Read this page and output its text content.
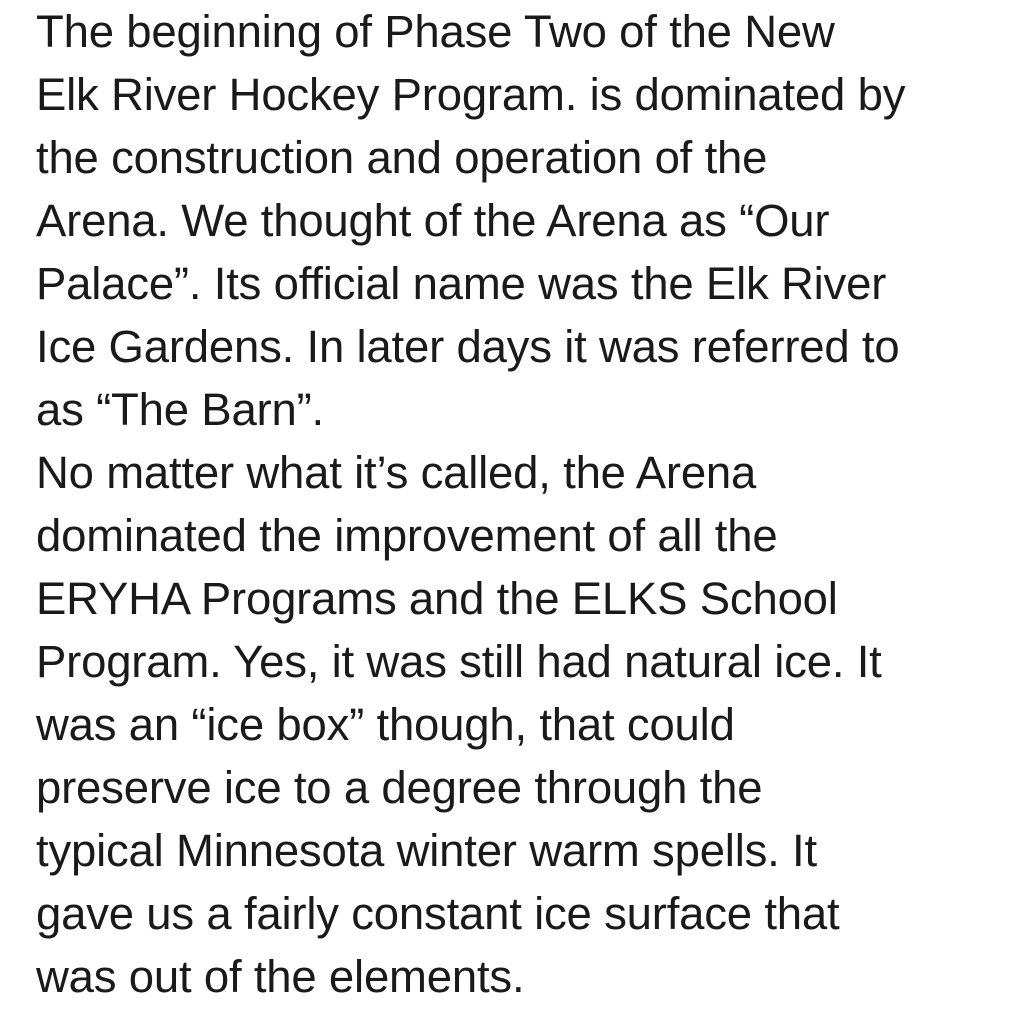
The beginning of Phase Two of the New
Elk River Hockey Program. is dominated by
the construction and operation of the
Arena. We thought of the Arena as “Our
Palace”. Its official name was the Elk River
Ice Gardens. In later days it was referred to
as “The Barn”.
No matter what it’s called, the Arena
dominated the improvement of all the
ERYHA Programs and the ELKS School
Program. Yes, it was still had natural ice. It
was an “ice box” though, that could
preserve ice to a degree through the
typical Minnesota winter warm spells. It
gave us a fairly constant ice surface that
was out of the elements.
